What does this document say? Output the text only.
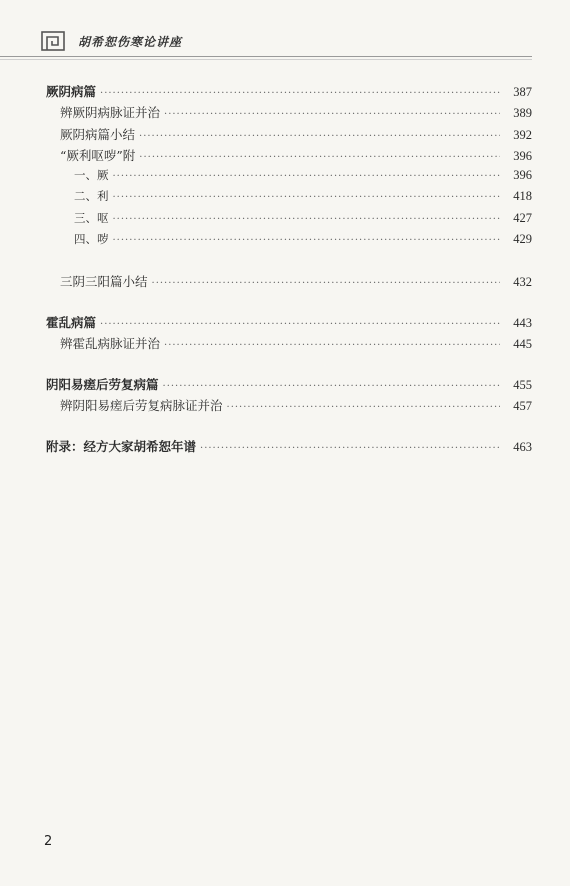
胡希恕伤寒论讲座
厥阴病篇 ·····	387
辨厥阴病脉证并治 ·····	389
厥阴病篇小结 ·····	392
“厥利呕哕”附 ·····	396
一、厥 ·····	396
二、利 ·····	418
三、呕 ·····	427
四、哕 ·····	429
三阴三阳篇小结 ·····	432
霍乱病篇 ·····	443
辨霍乱病脉证并治 ·····	445
阴阳易瘥后劳复病篇 ·····	455
辨阴阳易瘥后劳复病脉证并治 ·····	457
附录：经方大家胡希恕年谱 ·····	463
2
